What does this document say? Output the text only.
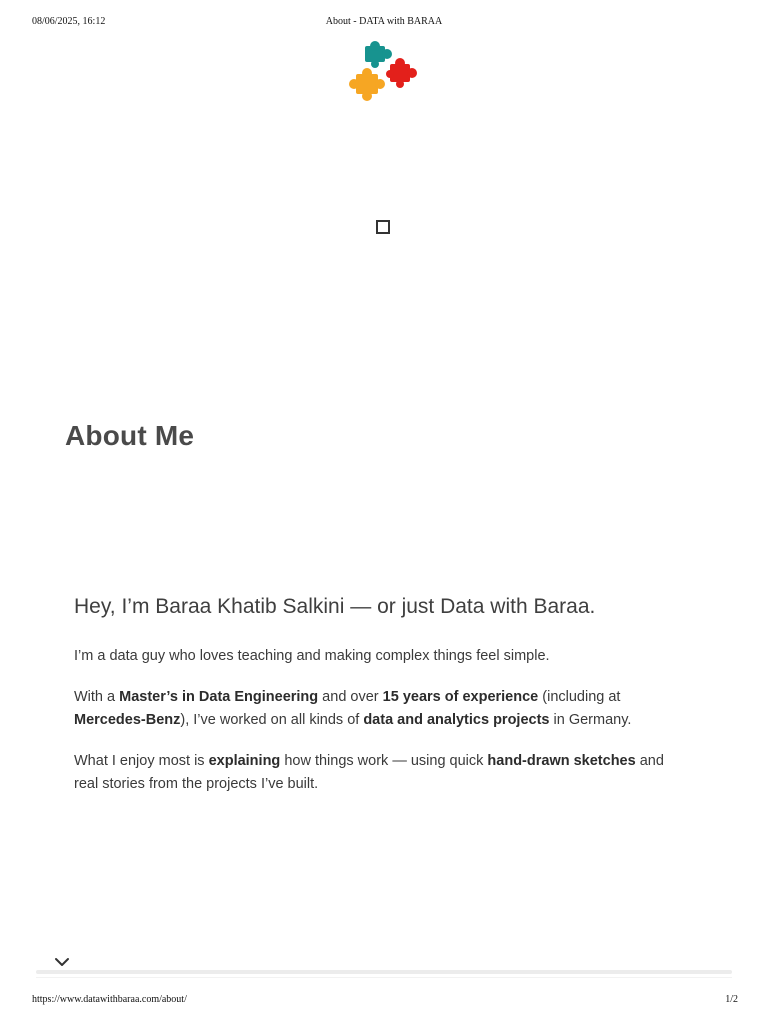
08/06/2025, 16:12	About - DATA with BARAA
About Me
Hey, I’m Baraa Khatib Salkini — or just Data with Baraa.

I’m a data guy who loves teaching and making complex things feel simple.

With a Master’s in Data Engineering and over 15 years of experience (including at Mercedes-Benz), I’ve worked on all kinds of data and analytics projects in Germany.

What I enjoy most is explaining how things work — using quick hand-drawn sketches and real stories from the projects I’ve built.

https://www.datawithbaraa.com/about/	1/2
